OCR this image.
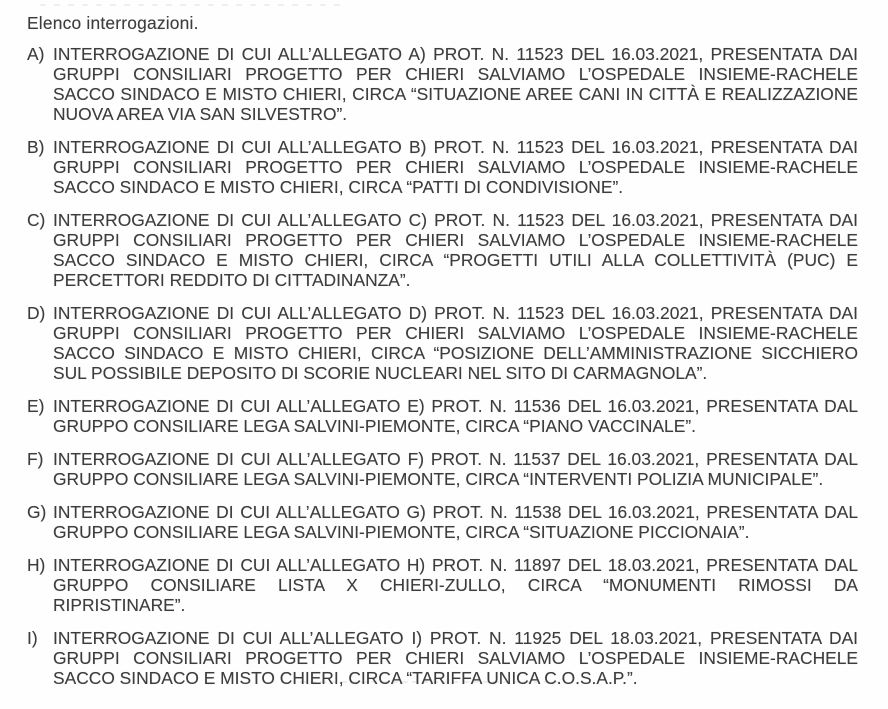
Elenco interrogazioni.
A) INTERROGAZIONE DI CUI ALL’ALLEGATO A) PROT. N. 11523 DEL 16.03.2021, PRESENTATA DAI
GRUPPI CONSILIARI PROGETTO PER CHIERI SALVIAMO L’OSPEDALE INSIEME-RACHELE
SACCO SINDACO E MISTO CHIERI, CIRCA “SITUAZIONE AREE CANI IN CITTÀ E REALIZZAZIONE
NUOVA AREA VIA SAN SILVESTRO”.
B) INTERROGAZIONE DI CUI ALL’ALLEGATO B) PROT. N. 11523 DEL 16.03.2021, PRESENTATA DAI
GRUPPI CONSILIARI PROGETTO PER CHIERI SALVIAMO L’OSPEDALE INSIEME-RACHELE
SACCO SINDACO E MISTO CHIERI, CIRCA “PATTI DI CONDIVISIONE”.
C) INTERROGAZIONE DI CUI ALL’ALLEGATO C) PROT. N. 11523 DEL 16.03.2021, PRESENTATA DAI
GRUPPI CONSILIARI PROGETTO PER CHIERI SALVIAMO L’OSPEDALE INSIEME-RACHELE
SACCO SINDACO E MISTO CHIERI, CIRCA “PROGETTI UTILI ALLA COLLETTIVITÀ (PUC) E
PERCETTORI REDDITO DI CITTADINANZA”.
D) INTERROGAZIONE DI CUI ALL’ALLEGATO D) PROT. N. 11523 DEL 16.03.2021, PRESENTATA DAI
GRUPPI CONSILIARI PROGETTO PER CHIERI SALVIAMO L’OSPEDALE INSIEME-RACHELE
SACCO SINDACO E MISTO CHIERI, CIRCA “POSIZIONE DELL’AMMINISTRAZIONE SICCHIERO
SUL POSSIBILE DEPOSITO DI SCORIE NUCLEARI NEL SITO DI CARMAGNOLA”.
E) INTERROGAZIONE DI CUI ALL’ALLEGATO E) PROT. N. 11536 DEL 16.03.2021, PRESENTATA DAL
GRUPPO CONSILIARE LEGA SALVINI-PIEMONTE, CIRCA “PIANO VACCINALE”.
F) INTERROGAZIONE DI CUI ALL’ALLEGATO F) PROT. N. 11537 DEL 16.03.2021, PRESENTATA DAL
GRUPPO CONSILIARE LEGA SALVINI-PIEMONTE, CIRCA “INTERVENTI POLIZIA MUNICIPALE”.
G) INTERROGAZIONE DI CUI ALL’ALLEGATO G) PROT. N. 11538 DEL 16.03.2021, PRESENTATA DAL
GRUPPO CONSILIARE LEGA SALVINI-PIEMONTE, CIRCA “SITUAZIONE PICCIONAIA”.
H) INTERROGAZIONE DI CUI ALL’ALLEGATO H) PROT. N. 11897 DEL 18.03.2021, PRESENTATA DAL
GRUPPO CONSILIARE LISTA X CHIERI-ZULLO, CIRCA “MONUMENTI RIMOSSI DA
RIPRISTINARE”.
I) INTERROGAZIONE DI CUI ALL’ALLEGATO I) PROT. N. 11925 DEL 18.03.2021, PRESENTATA DAI
GRUPPI CONSILIARI PROGETTO PER CHIERI SALVIAMO L’OSPEDALE INSIEME-RACHELE
SACCO SINDACO E MISTO CHIERI, CIRCA “TARIFFA UNICA C.O.S.A.P.”.
